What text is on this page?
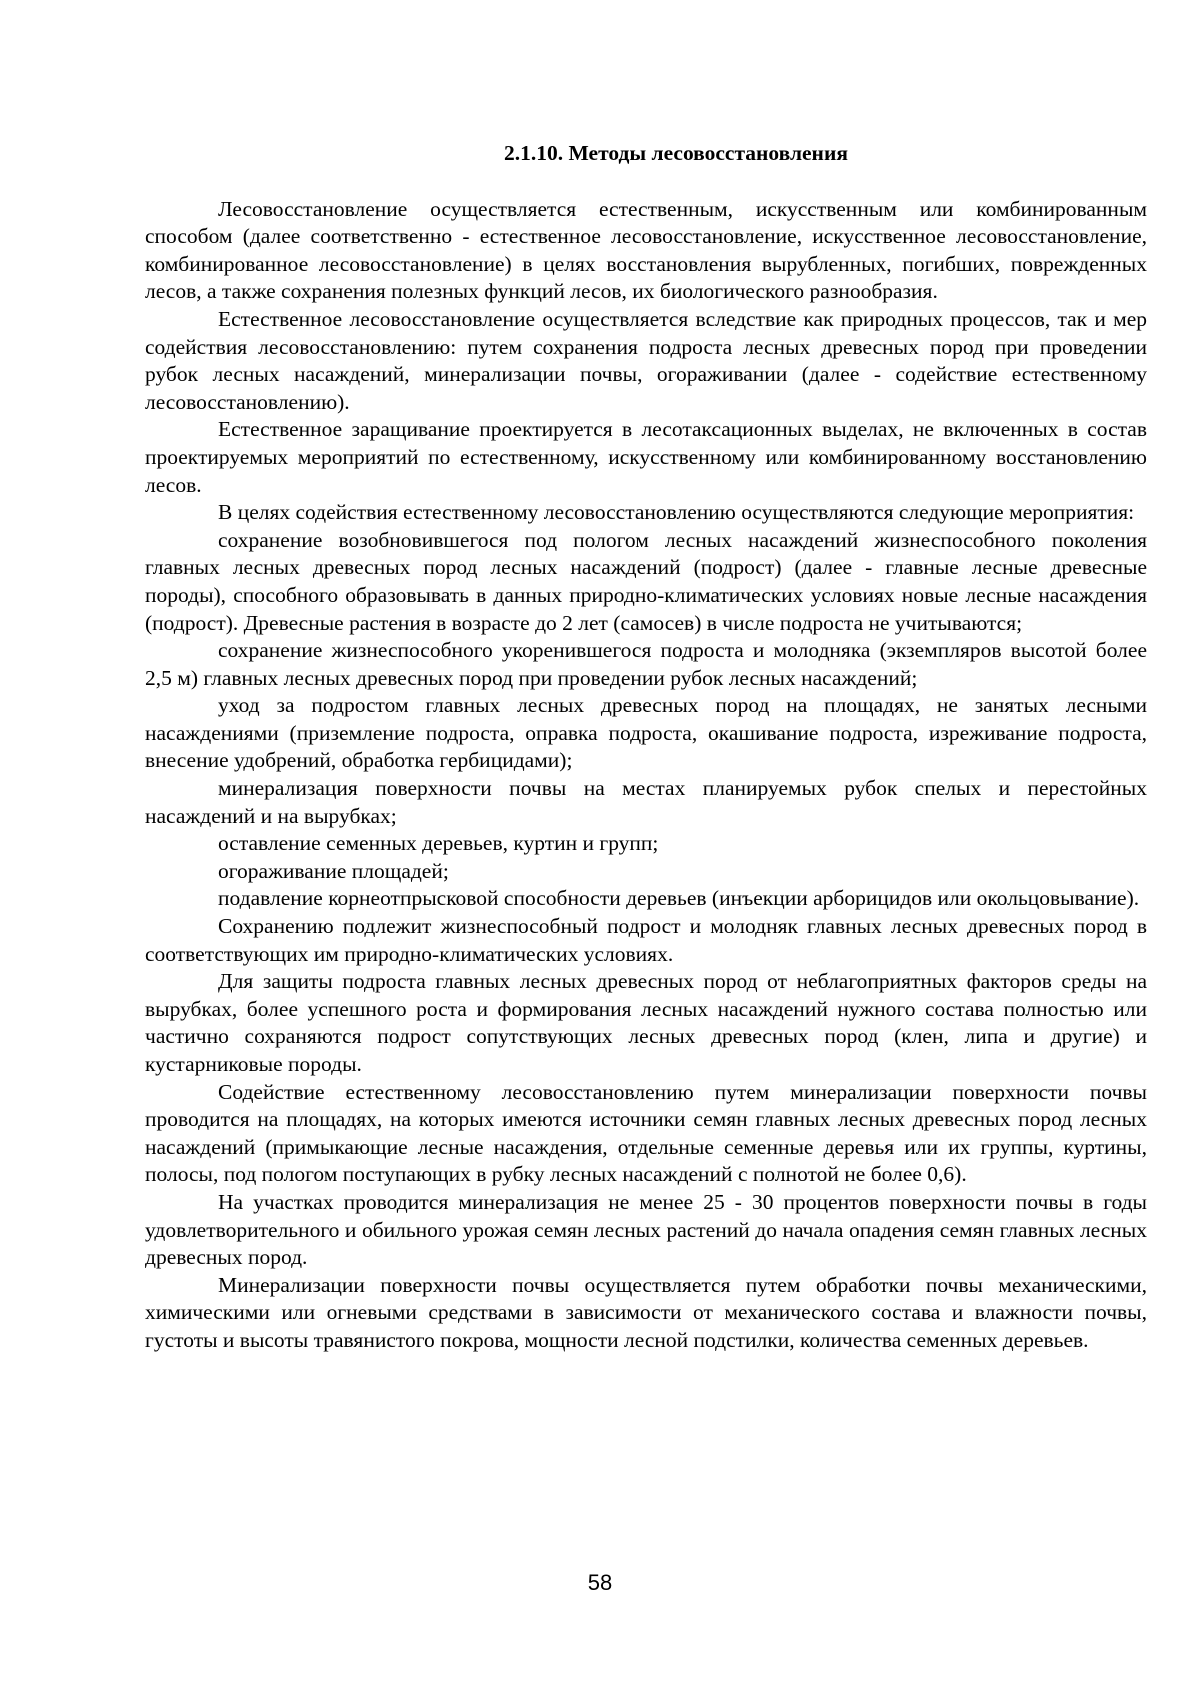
2.1.10. Методы лесовосстановления

Лесовосстановление осуществляется естественным, искусственным или комбинированным способом (далее соответственно - естественное лесовосстановление, искусственное лесовосстановление, комбинированное лесовосстановление) в целях восстановления вырубленных, погибших, поврежденных лесов, а также сохранения полезных функций лесов, их биологического разнообразия.

Естественное лесовосстановление осуществляется вследствие как природных процессов, так и мер содействия лесовосстановлению: путем сохранения подроста лесных древесных пород при проведении рубок лесных насаждений, минерализации почвы, огораживании (далее - содействие естественному лесовосстановлению).

Естественное заращивание проектируется в лесотаксационных выделах, не включенных в состав проектируемых мероприятий по естественному, искусственному или комбинированному восстановлению лесов.

В целях содействия естественному лесовосстановлению осуществляются следующие мероприятия:

сохранение возобновившегося под пологом лесных насаждений жизнеспособного поколения главных лесных древесных пород лесных насаждений (подрост) (далее - главные лесные древесные породы), способного образовывать в данных природно-климатических условиях новые лесные насаждения (подрост). Древесные растения в возрасте до 2 лет (самосев) в числе подроста не учитываются;

сохранение жизнеспособного укоренившегося подроста и молодняка (экземпляров высотой более 2,5 м) главных лесных древесных пород при проведении рубок лесных насаждений;

уход за подростом главных лесных древесных пород на площадях, не занятых лесными насаждениями (приземление подроста, оправка подроста, окашивание подроста, изреживание подроста, внесение удобрений, обработка гербицидами);

минерализация поверхности почвы на местах планируемых рубок спелых и перестойных насаждений и на вырубках;

оставление семенных деревьев, куртин и групп;

огораживание площадей;

подавление корнеотпрысковой способности деревьев (инъекции арборицидов или окольцовывание).

Сохранению подлежит жизнеспособный подрост и молодняк главных лесных древесных пород в соответствующих им природно-климатических условиях.

Для защиты подроста главных лесных древесных пород от неблагоприятных факторов среды на вырубках, более успешного роста и формирования лесных насаждений нужного состава полностью или частично сохраняются подрост сопутствующих лесных древесных пород (клен, липа и другие) и кустарниковые породы.

Содействие естественному лесовосстановлению путем минерализации поверхности почвы проводится на площадях, на которых имеются источники семян главных лесных древесных пород лесных насаждений (примыкающие лесные насаждения, отдельные семенные деревья или их группы, куртины, полосы, под пологом поступающих в рубку лесных насаждений с полнотой не более 0,6).

На участках проводится минерализация не менее 25 - 30 процентов поверхности почвы в годы удовлетворительного и обильного урожая семян лесных растений до начала опадения семян главных лесных древесных пород.

Минерализации поверхности почвы осуществляется путем обработки почвы механическими, химическими или огневыми средствами в зависимости от механического состава и влажности почвы, густоты и высоты травянистого покрова, мощности лесной подстилки, количества семенных деревьев.

58
